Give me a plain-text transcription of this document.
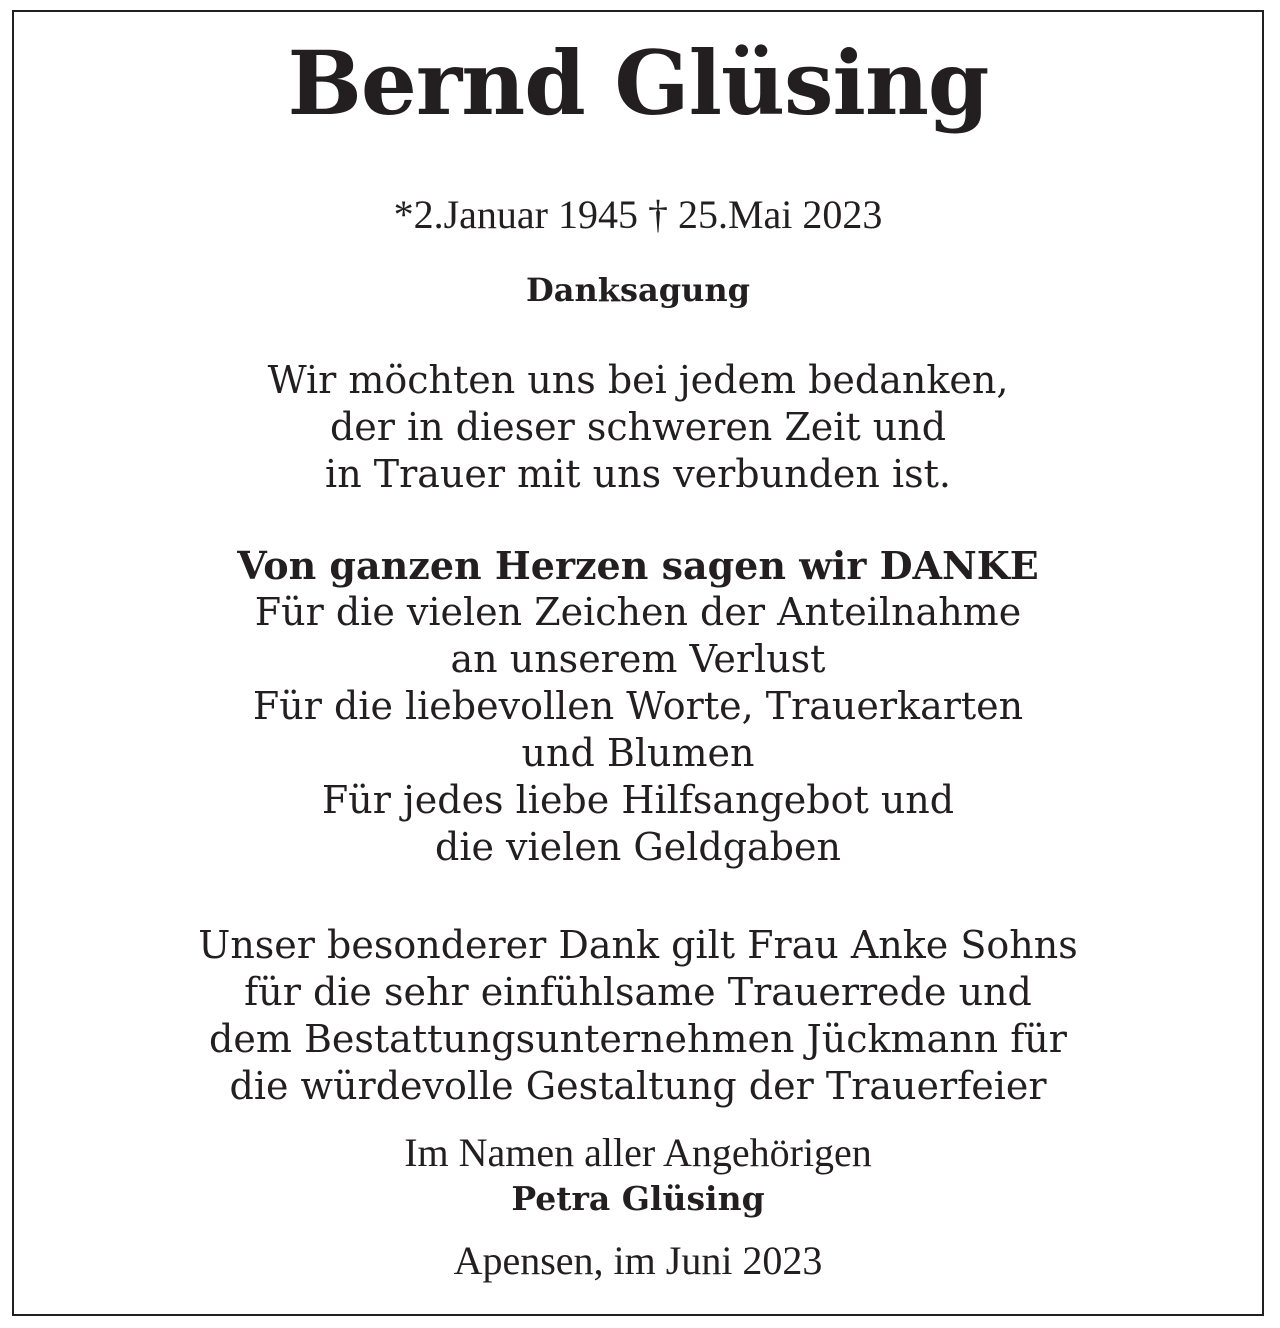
Bernd Glüsing
*2.Januar 1945 † 25.Mai 2023
Danksagung
Wir möchten uns bei jedem bedanken,
der in dieser schweren Zeit und
in Trauer mit uns verbunden ist.
Von ganzen Herzen sagen wir DANKE
Für die vielen Zeichen der Anteilnahme
an unserem Verlust
Für die liebevollen Worte, Trauerkarten
und Blumen
Für jedes liebe Hilfsangebot und
die vielen Geldgaben
Unser besonderer Dank gilt Frau Anke Sohns
für die sehr einfühlsame Trauerrede und
dem Bestattungsunternehmen Jückmann für
die würdevolle Gestaltung der Trauerfeier
Im Namen aller Angehörigen
Petra Glüsing
Apensen, im Juni 2023
